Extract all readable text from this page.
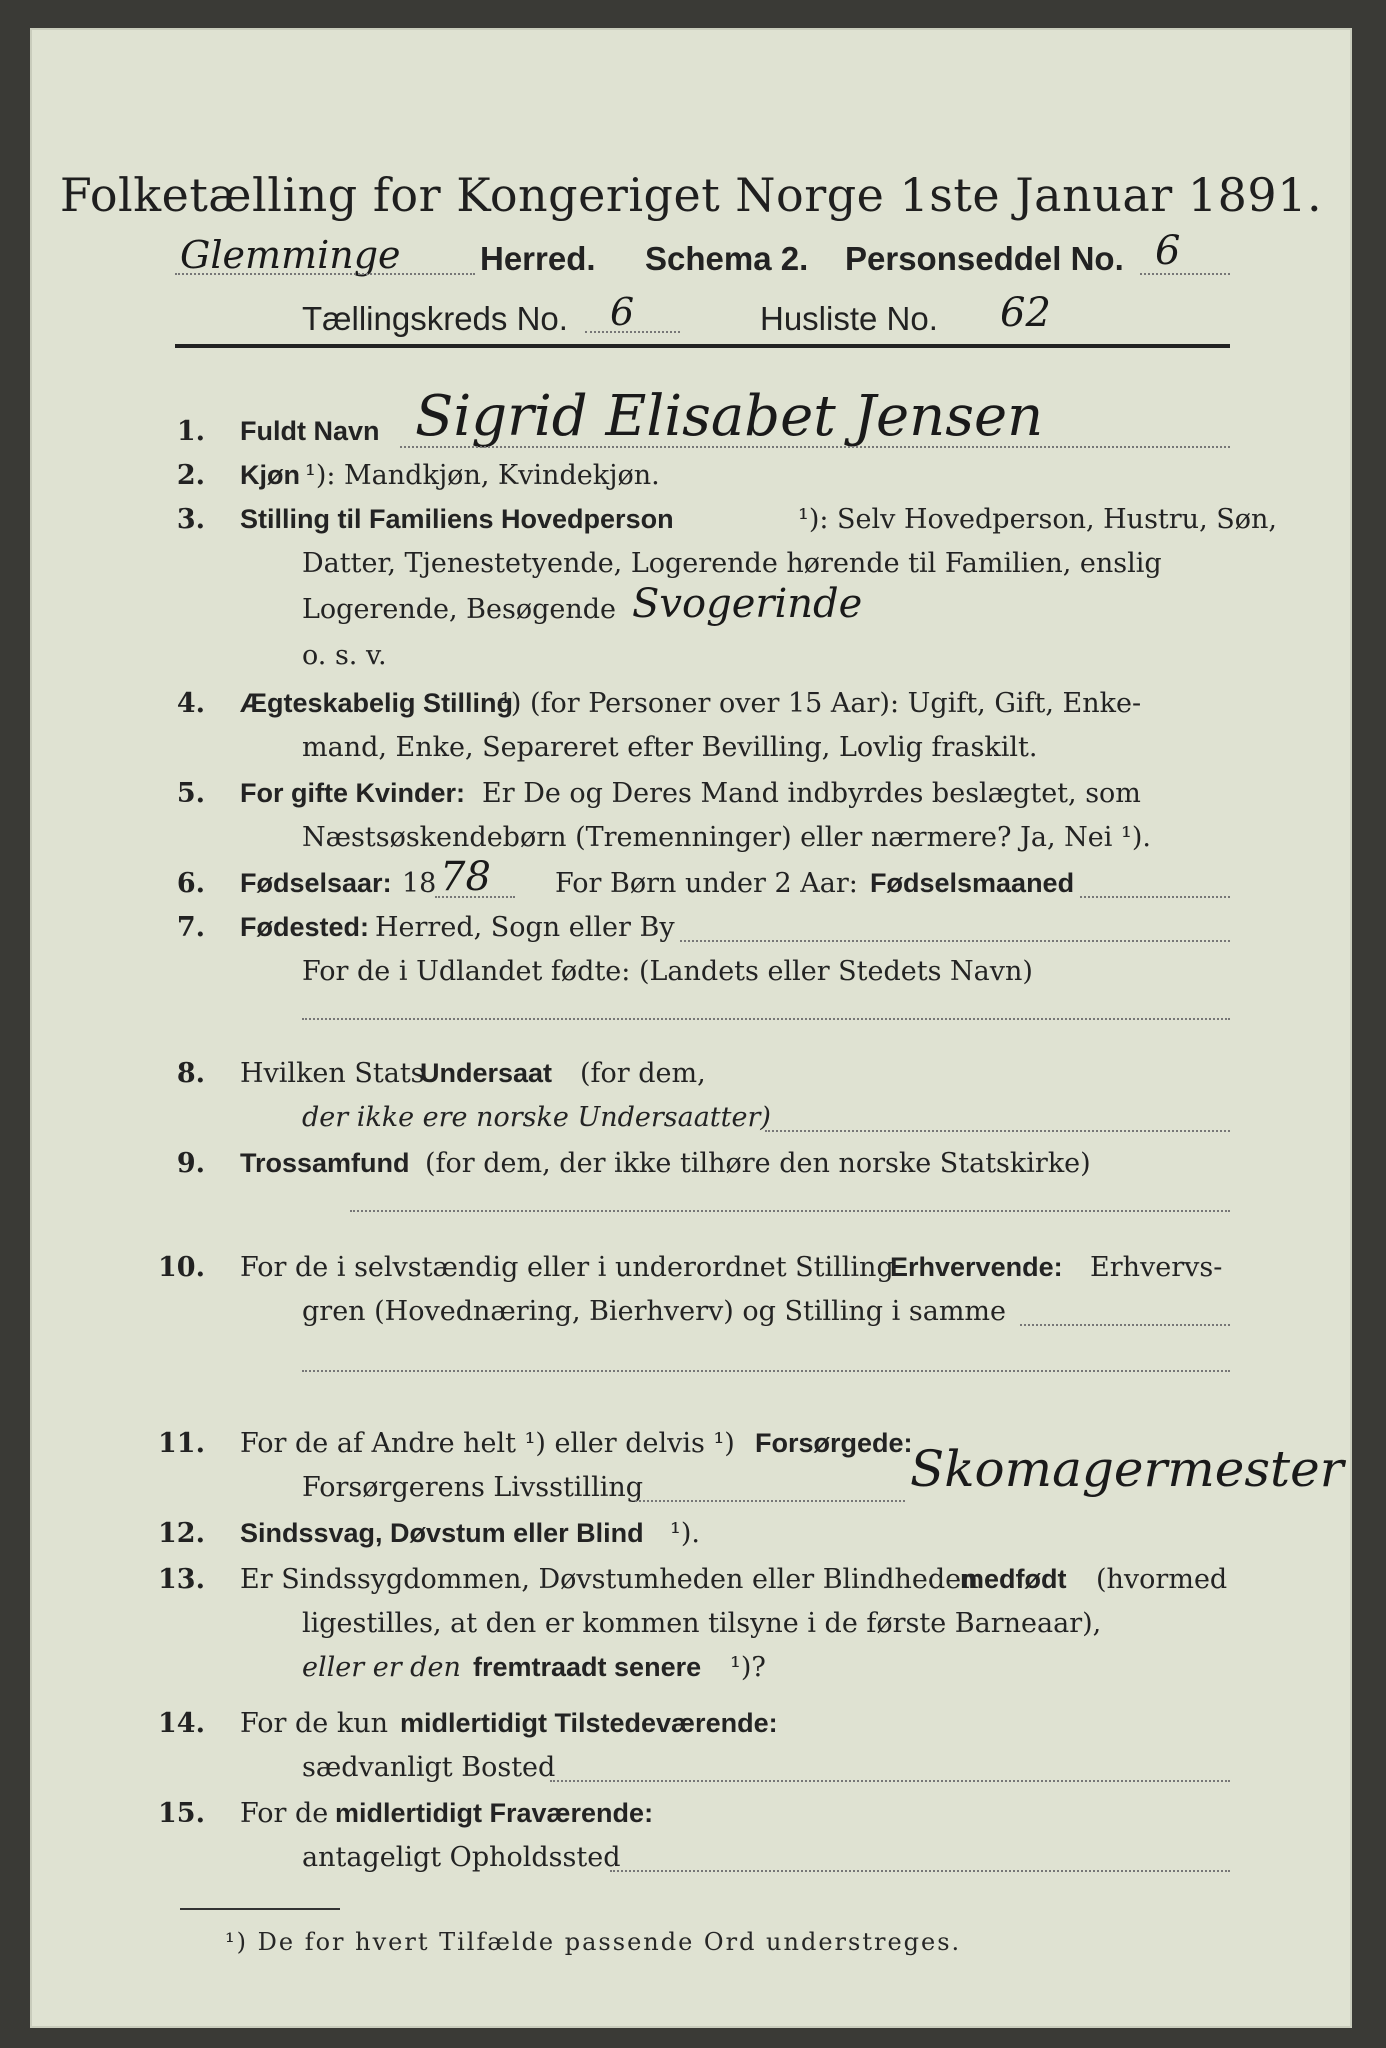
Folketælling for Kongeriget Norge 1ste Januar 1891.
Glemminge Herred. Schema 2. Personseddel No. 6
Tællingskreds No. 6	Husliste No. 62
1. Fuldt Navn Sigrid Elisabet Jensen
2. Kjøn ¹): Mandkjøn, Kvindekjøn.
3. Stilling til Familiens Hovedperson	¹): Selv Hovedperson, Hustru, Søn,
Datter, Tjenestetyende, Logerende hørende til Familien, enslig
Logerende, Besøgende Svogerinde
o. s. v.
4. Ægteskabelig Stilling
¹) (for Personer over 15 Aar): Ugift, Gift, Enke-
mand, Enke, Separeret efter Bevilling, Lovlig fraskilt.
5. For gifte Kvinder: Er De og Deres Mand indbyrdes beslægtet, som
Næstsøskendebørn (Tremenninger) eller nærmere? Ja, Nei ¹).
6. Fødselsaar: 18 78 For Børn under 2 Aar: Fødselsmaaned
7. Fødested: Herred, Sogn eller By
For de i Udlandet fødte: (Landets eller Stedets Navn)
8. Hvilken Stats
Undersaat (for dem,
der ikke ere norske Undersaatter)
9. Trossamfund (for dem, der ikke tilhøre den norske Statskirke)
10. For de i selvstændig eller i underordnet Stilling
Erhvervende: Erhvervs-
gren (Hovednæring, Bierhverv) og Stilling i samme
11. For de af Andre helt ¹) eller delvis ¹) Forsørgede:
Forsørgerens Livsstilling	Skomagermester
12. Sindssvag, Døvstum eller Blind ¹).
13. Er Sindssygdommen, Døvstumheden eller Blindheden
medfødt (hvormed
ligestilles, at den er kommen tilsyne i de første Barneaar),
eller er den fremtraadt senere ¹)?
14. For de kun midlertidigt Tilstedeværende:
sædvanligt Bosted
15. For de midlertidigt Fraværende:
antageligt Opholdssted
¹) De for hvert Tilfælde passende Ord understreges.
